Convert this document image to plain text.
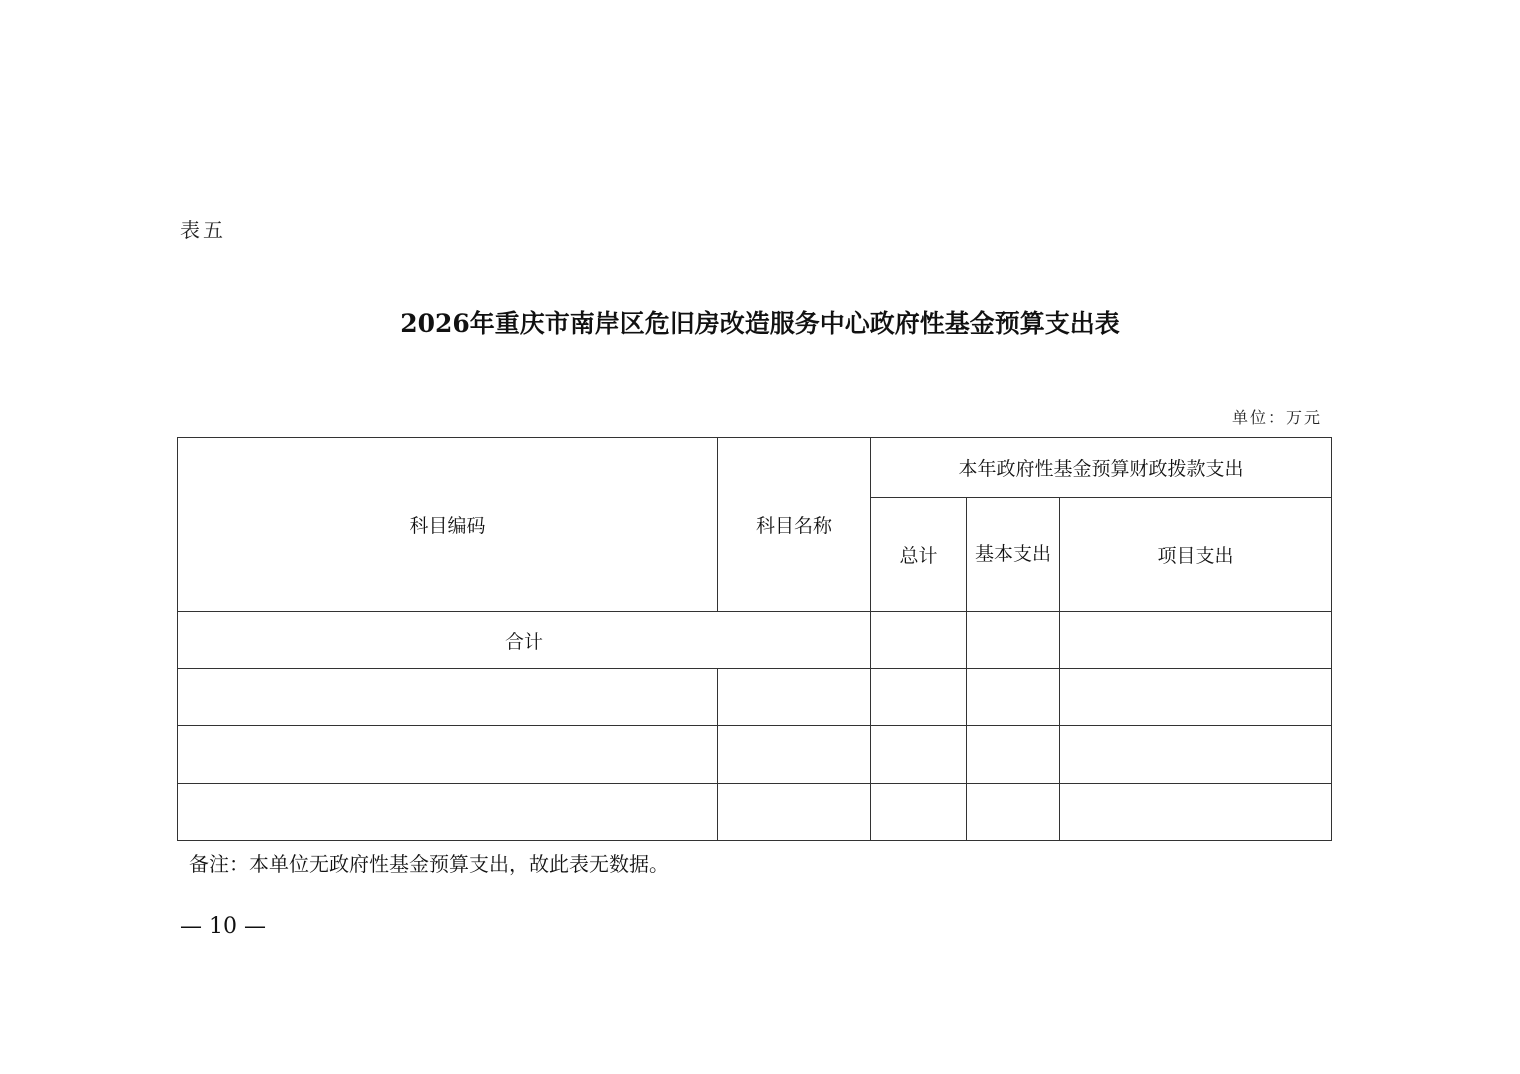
表五
2026年重庆市南岸区危旧房改造服务中心政府性基金预算支出表
单位：万元
科目编码	科目名称	本年政府性基金预算财政拨款支出		
		总计	基本支出	项目支出
合计				

备注：本单位无政府性基金预算支出，故此表无数据。
— 10 —
